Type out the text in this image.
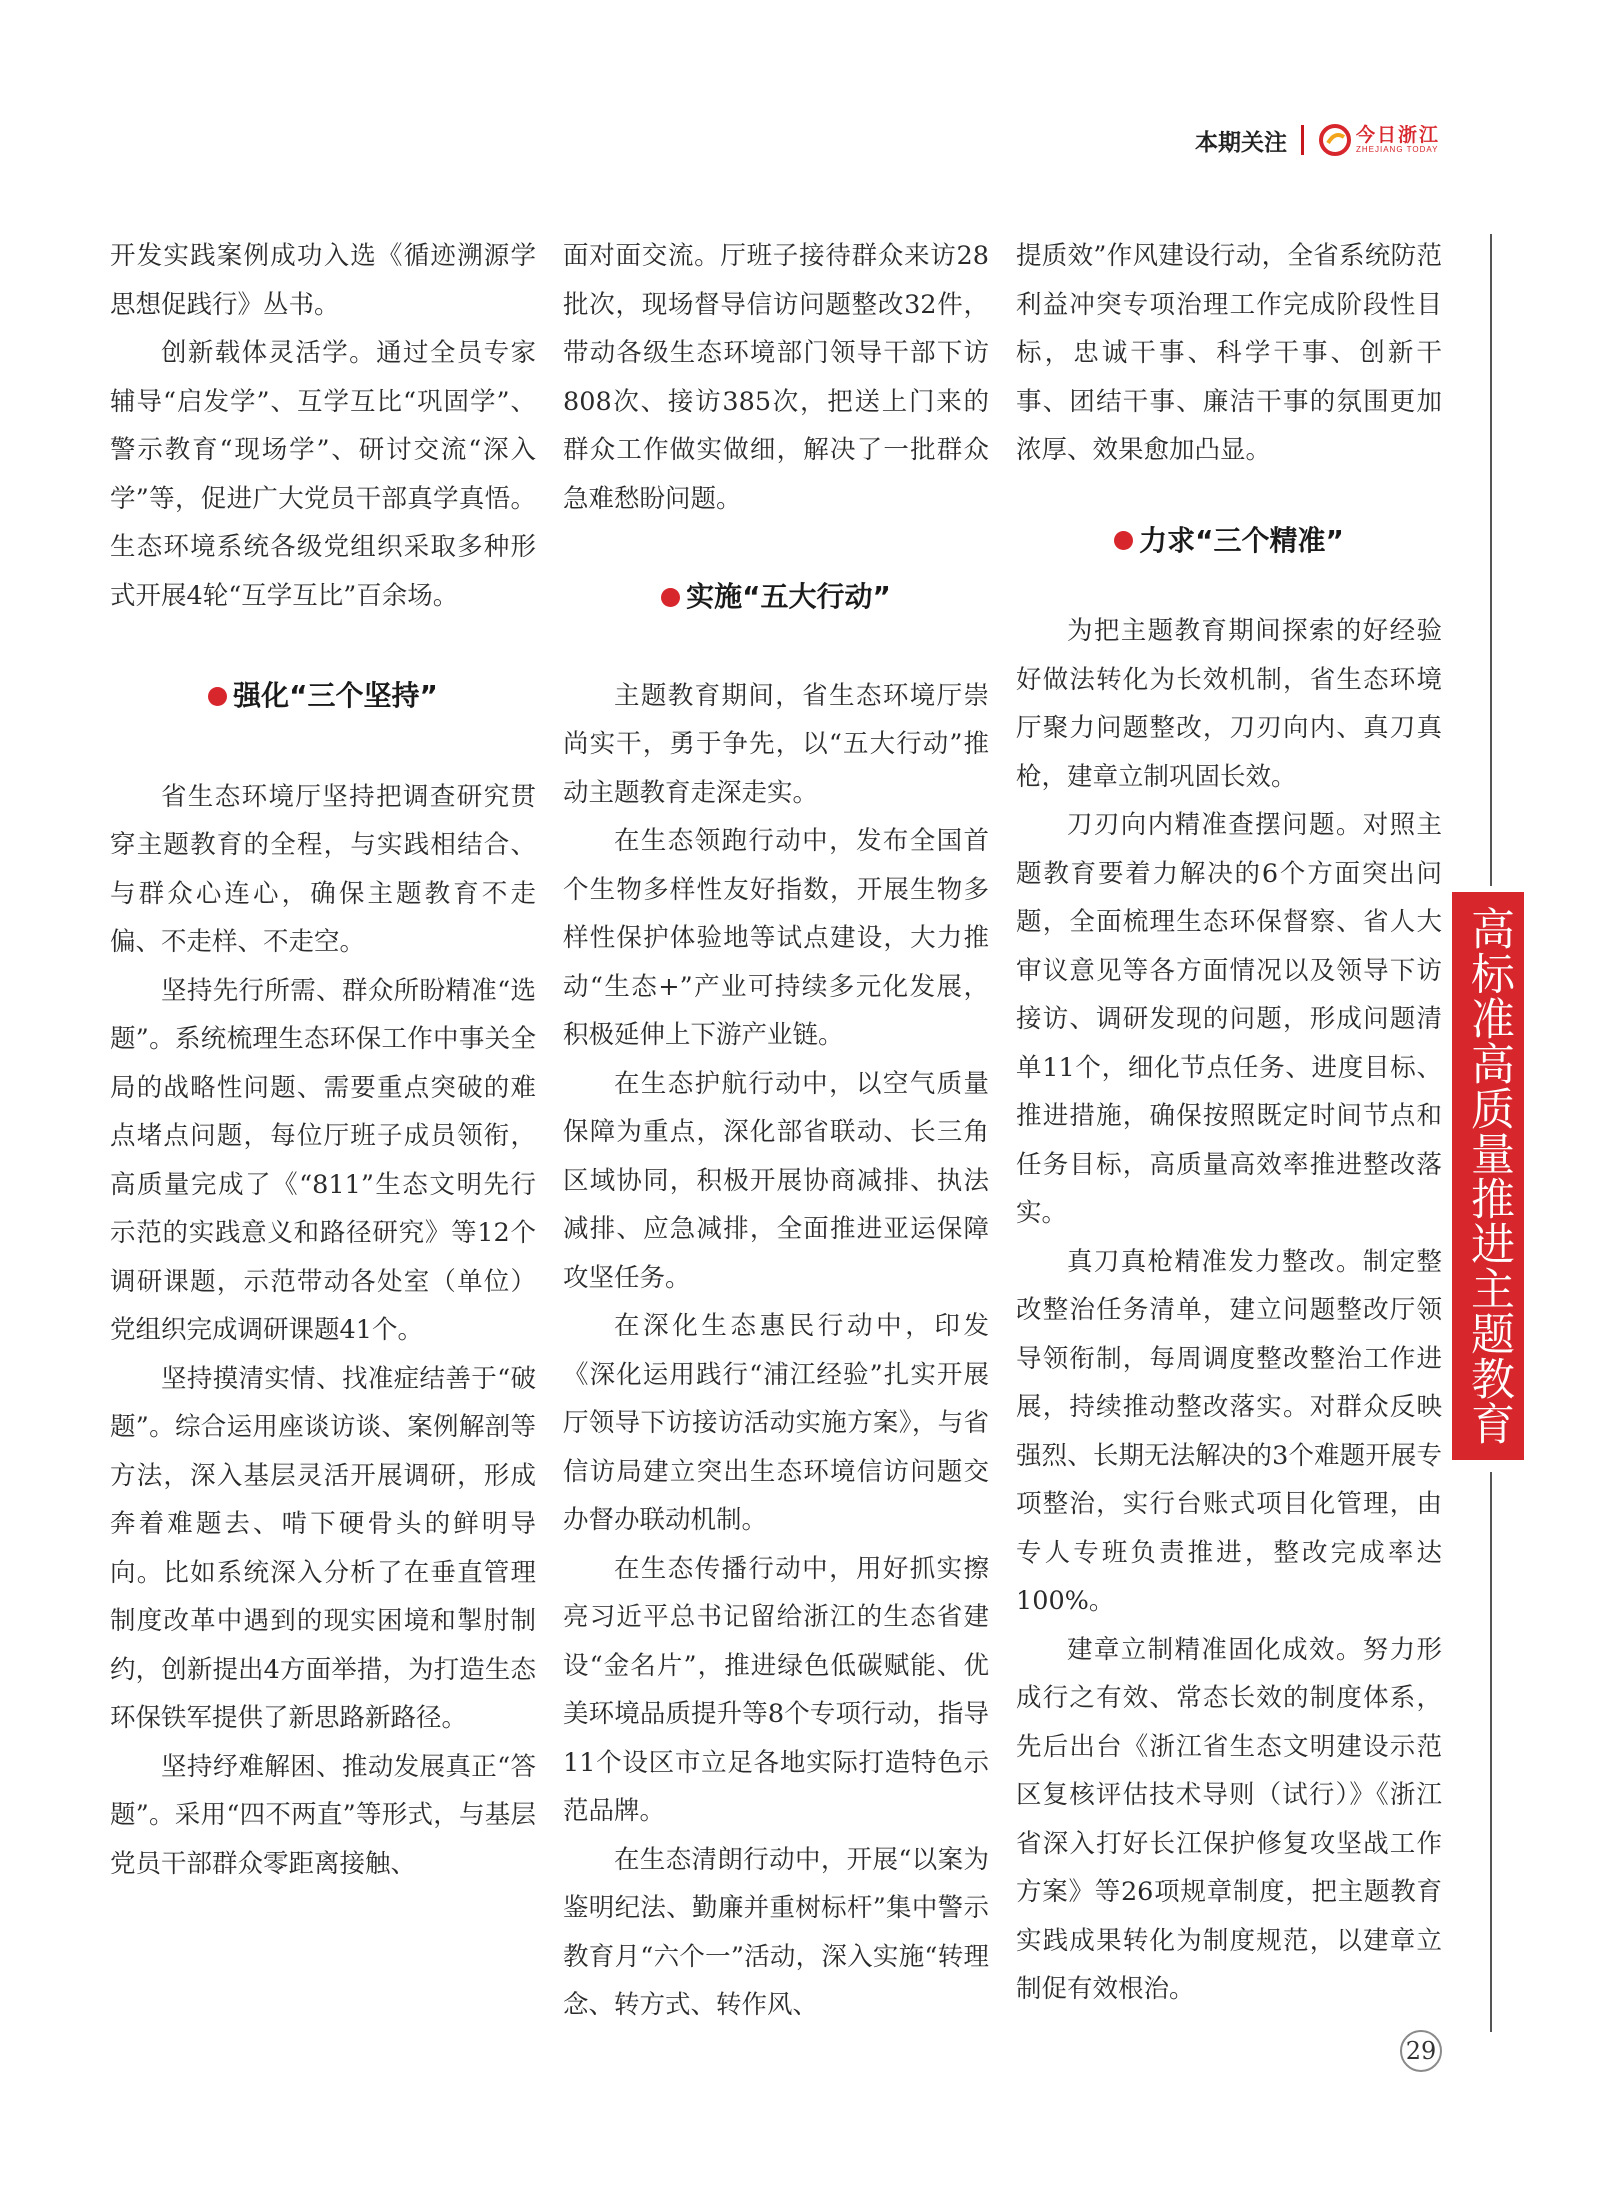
本期关注	今日浙江
ZHEJIANG TODAY

开发实践案例成功入选《循迹溯源学思想促践行》丛书。

创新载体灵活学。通过全员专家辅导“启发学”、互学互比“巩固学”、警示教育“现场学”、研讨交流“深入学”等，促进广大党员干部真学真悟。生态环境系统各级党组织采取多种形式开展4轮“互学互比”百余场。

强化“三个坚持”

省生态环境厅坚持把调查研究贯穿主题教育的全程，与实践相结合、与群众心连心，确保主题教育不走偏、不走样、不走空。

坚持先行所需、群众所盼精准“选题”。系统梳理生态环保工作中事关全局的战略性问题、需要重点突破的难点堵点问题，每位厅班子成员领衔，高质量完成了《“811”生态文明先行示范的实践意义和路径研究》等12个调研课题，示范带动各处室（单位）党组织完成调研课题41个。

坚持摸清实情、找准症结善于“破题”。综合运用座谈访谈、案例解剖等方法，深入基层灵活开展调研，形成奔着难题去、啃下硬骨头的鲜明导向。比如系统深入分析了在垂直管理制度改革中遇到的现实困境和掣肘制约，创新提出4方面举措，为打造生态环保铁军提供了新思路新路径。

坚持纾难解困、推动发展真正“答题”。采用“四不两直”等形式，与基层党员干部群众零距离接触、

面对面交流。厅班子接待群众来访28批次，现场督导信访问题整改32件，带动各级生态环境部门领导干部下访808次、接访385次，把送上门来的群众工作做实做细，解决了一批群众急难愁盼问题。

实施“五大行动”

主题教育期间，省生态环境厅崇尚实干，勇于争先，以“五大行动”推动主题教育走深走实。

在生态领跑行动中，发布全国首个生物多样性友好指数，开展生物多样性保护体验地等试点建设，大力推动“生态+”产业可持续多元化发展，积极延伸上下游产业链。

在生态护航行动中，以空气质量保障为重点，深化部省联动、长三角区域协同，积极开展协商减排、执法减排、应急减排，全面推进亚运保障攻坚任务。

在深化生态惠民行动中，印发《深化运用践行“浦江经验”扎实开展厅领导下访接访活动实施方案》，与省信访局建立突出生态环境信访问题交办督办联动机制。

在生态传播行动中，用好抓实擦亮习近平总书记留给浙江的生态省建设“金名片”，推进绿色低碳赋能、优美环境品质提升等8个专项行动，指导11个设区市立足各地实际打造特色示范品牌。

在生态清朗行动中，开展“以案为鉴明纪法、勤廉并重树标杆”集中警示教育月“六个一”活动，深入实施“转理念、转方式、转作风、

提质效”作风建设行动，全省系统防范利益冲突专项治理工作完成阶段性目标，忠诚干事、科学干事、创新干事、团结干事、廉洁干事的氛围更加浓厚、效果愈加凸显。

力求“三个精准”

为把主题教育期间探索的好经验好做法转化为长效机制，省生态环境厅聚力问题整改，刀刃向内、真刀真枪，建章立制巩固长效。

刀刃向内精准查摆问题。对照主题教育要着力解决的6个方面突出问题，全面梳理生态环保督察、省人大审议意见等各方面情况以及领导下访接访、调研发现的问题，形成问题清单11个，细化节点任务、进度目标、推进措施，确保按照既定时间节点和任务目标，高质量高效率推进整改落实。

真刀真枪精准发力整改。制定整改整治任务清单，建立问题整改厅领导领衔制，每周调度整改整治工作进展，持续推动整改落实。对群众反映强烈、长期无法解决的3个难题开展专项整治，实行台账式项目化管理，由专人专班负责推进，整改完成率达100%。

建章立制精准固化成效。努力形成行之有效、常态长效的制度体系，先后出台《浙江省生态文明建设示范区复核评估技术导则（试行）》《浙江省深入打好长江保护修复攻坚战工作方案》等26项规章制度，把主题教育实践成果转化为制度规范，以建章立制促有效根治。

高标准高质量推进主题教育
29
